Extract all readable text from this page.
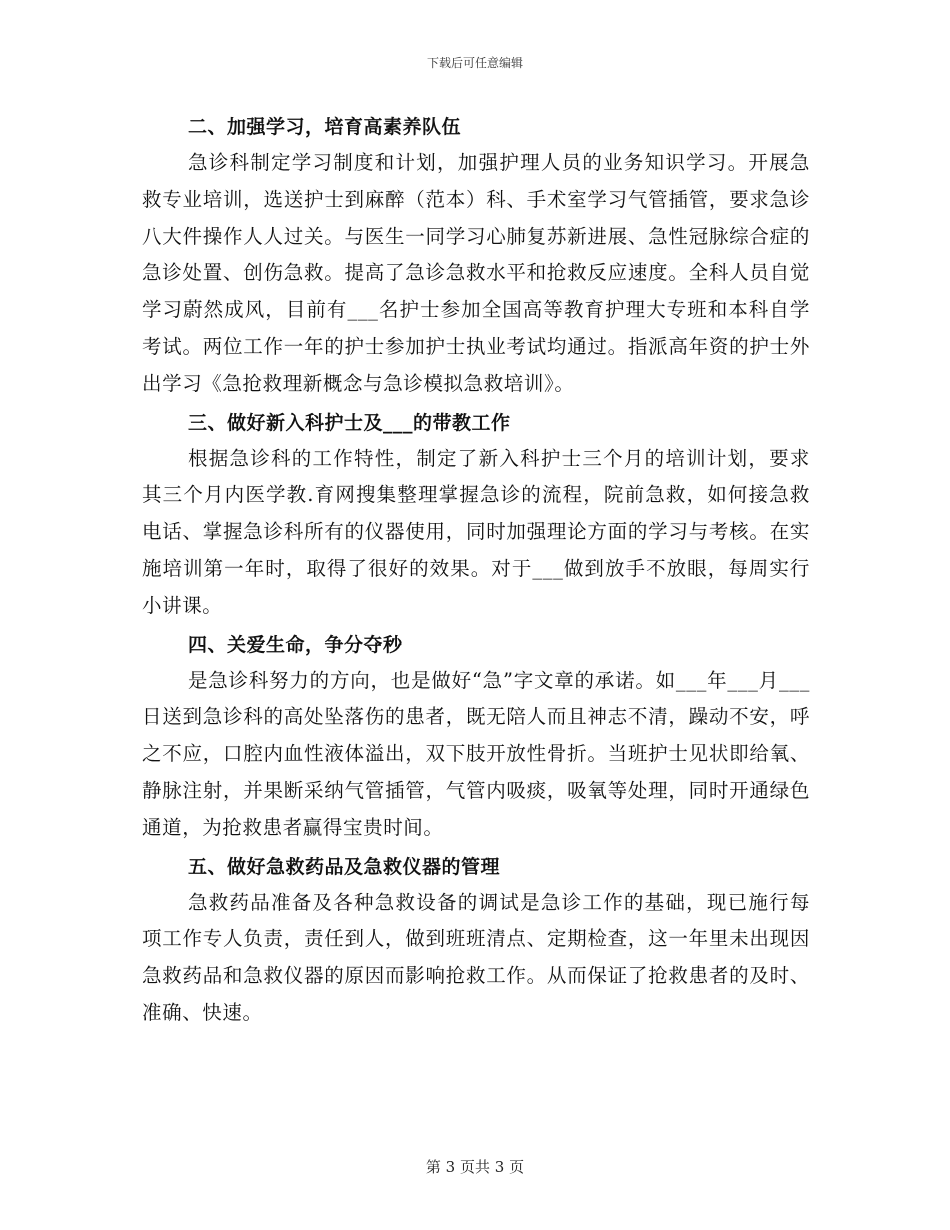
下载后可任意编辑
二、加强学习，培育高素养队伍

急诊科制定学习制度和计划，加强护理人员的业务知识学习。开展急救专业培训，选送护士到麻醉（范本）科、手术室学习气管插管，要求急诊八大件操作人人过关。与医生一同学习心肺复苏新进展、急性冠脉综合症的急诊处置、创伤急救。提高了急诊急救水平和抢救反应速度。全科人员自觉学习蔚然成风，目前有___名护士参加全国高等教育护理大专班和本科自学考试。两位工作一年的护士参加护士执业考试均通过。指派高年资的护士外出学习《急抢救理新概念与急诊模拟急救培训》。

三、做好新入科护士及___的带教工作

根据急诊科的工作特性，制定了新入科护士三个月的培训计划，要求其三个月内医学教.育网搜集整理掌握急诊的流程，院前急救，如何接急救电话、掌握急诊科所有的仪器使用，同时加强理论方面的学习与考核。在实施培训第一年时，取得了很好的效果。对于___做到放手不放眼，每周实行小讲课。

四、关爱生命，争分夺秒

是急诊科努力的方向，也是做好“急”字文章的承诺。如___年___月___日送到急诊科的高处坠落伤的患者，既无陪人而且神志不清，躁动不安，呼之不应，口腔内血性液体溢出，双下肢开放性骨折。当班护士见状即给氧、静脉注射，并果断采纳气管插管，气管内吸痰，吸氧等处理，同时开通绿色通道，为抢救患者赢得宝贵时间。

五、做好急救药品及急救仪器的管理

急救药品准备及各种急救设备的调试是急诊工作的基础，现已施行每项工作专人负责，责任到人，做到班班清点、定期检查，这一年里未出现因急救药品和急救仪器的原因而影响抢救工作。从而保证了抢救患者的及时、准确、快速。

第 3 页共 3 页
